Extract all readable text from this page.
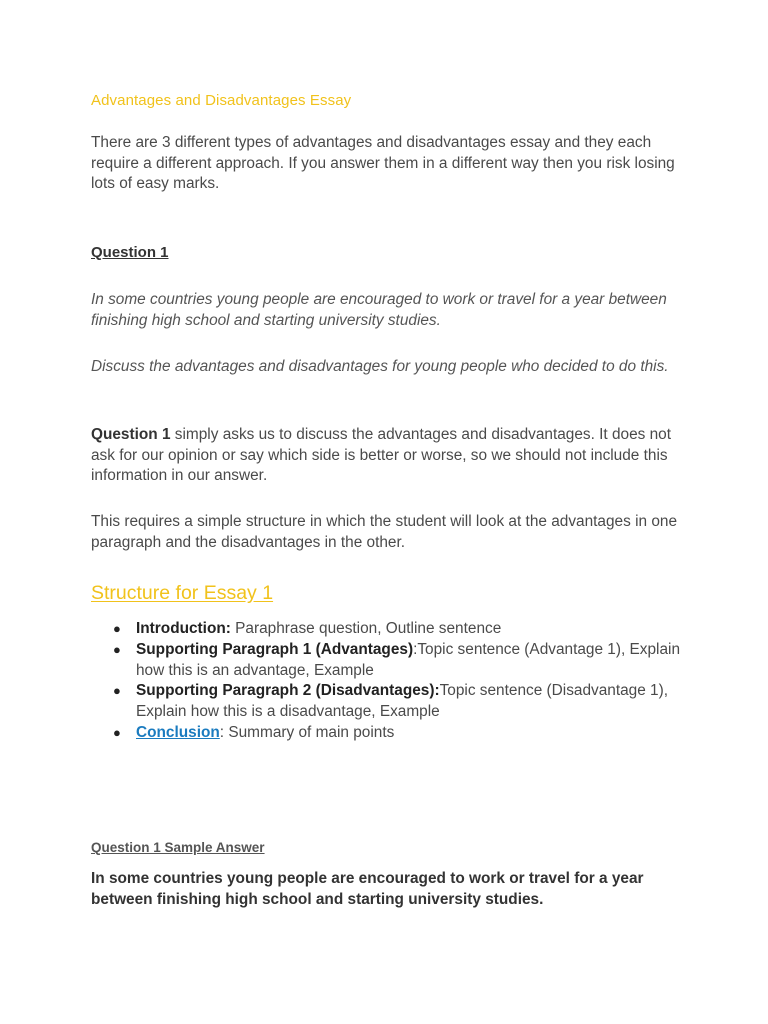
Advantages and Disadvantages Essay

There are 3 different types of advantages and disadvantages essay and they each require a different approach. If you answer them in a different way then you risk losing lots of easy marks.

Question 1

In some countries young people are encouraged to work or travel for a year between finishing high school and starting university studies.

Discuss the advantages and disadvantages for young people who decided to do this.

Question 1 simply asks us to discuss the advantages and disadvantages. It does not ask for our opinion or say which side is better or worse, so we should not include this information in our answer.

This requires a simple structure in which the student will look at the advantages in one paragraph and the disadvantages in the other.

Structure for Essay 1
● Introduction: Paraphrase question, Outline sentence
● Supporting Paragraph 1 (Advantages):Topic sentence (Advantage 1), Explain how this is an advantage, Example
● Supporting Paragraph 2 (Disadvantages):Topic sentence (Disadvantage 1), Explain how this is a disadvantage, Example
● Conclusion: Summary of main points
Question 1 Sample Answer

In some countries young people are encouraged to work or travel for a year between finishing high school and starting university studies.
